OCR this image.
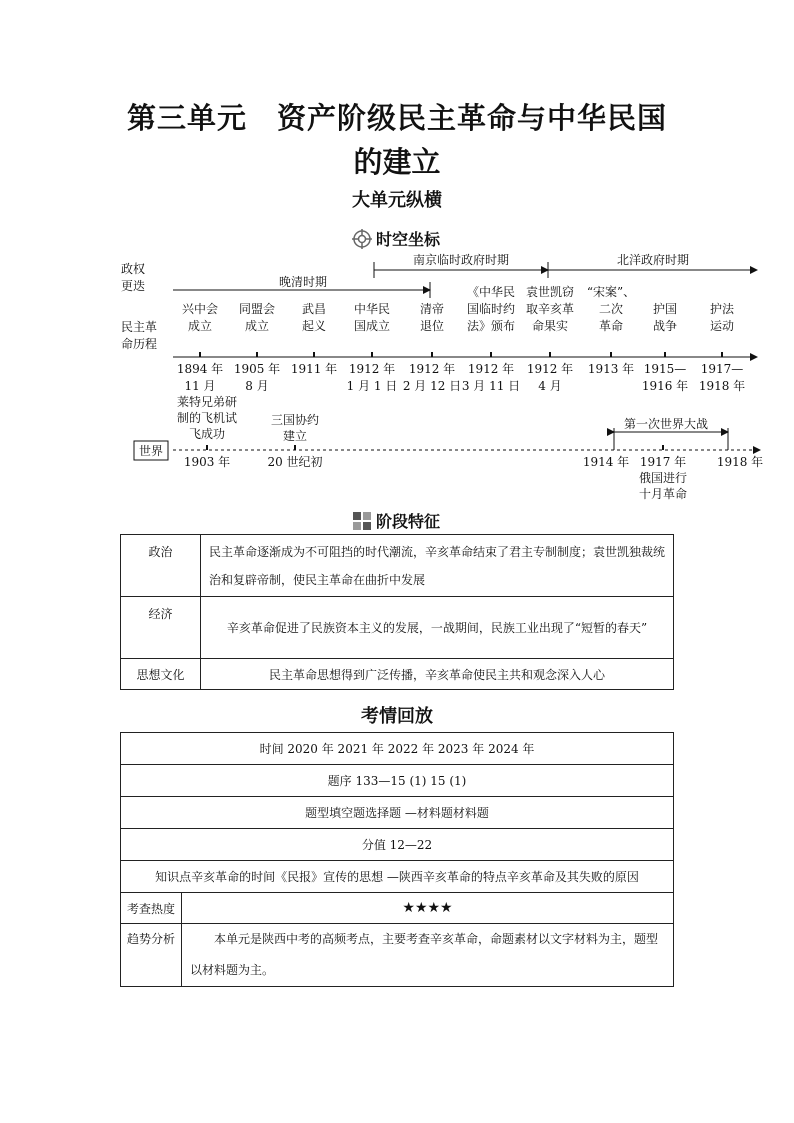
第三单元　资产阶级民主革命与中华民国
的建立
大单元纵横
时空坐标
政权更迭
民主革命历程
世界
晚清时期
南京临时政府时期	北洋政府时期
兴中会成立
1894 年 11 月
同盟会成立
1905 年 8 月
武昌起义
1911 年
中华民国成立
1912 年 1 月 1 日
清帝退位
1912 年 2 月 12 日
《中华民国临时约法》颁布
1912 年 3 月 11 日
袁世凯窃取辛亥革命果实
1912 年 4 月
“宋案”、二次革命
1913 年
护国战争
1915— 1916 年
护法运动
1917— 1918 年
莱特兄弟研制的飞机试飞成功
1903 年
三国协约建立
20 世纪初
第一次世界大战
1914 年 1917 年
俄国进行十月革命
1918 年
阶段特征
政治	民主革命逐渐成为不可阻挡的时代潮流，辛亥革命结束了君主专制制度；袁世凯独裁统治和复辟帝制，使民主革命在曲折中发展
经济	辛亥革命促进了民族资本主义的发展，一战期间，民族工业出现了“短暂的春天”
思想文化	民主革命思想得到广泛传播，辛亥革命使民主共和观念深入人心
考情回放
时间 2020 年 2021 年 2022 年 2023 年 2024 年	
题序 133—15 (1) 15 (1)	
题型填空题选择题 —材料题材料题	
分值 12—22	
知识点辛亥革命的时间《民报》宣传的思想 —陕西辛亥革命的特点辛亥革命及其失败的原因	
考查热度	★★★★
趋势分析	本单元是陕西中考的高频考点，主要考查辛亥革命，命题素材以文字材料为主，题型以材料题为主。
